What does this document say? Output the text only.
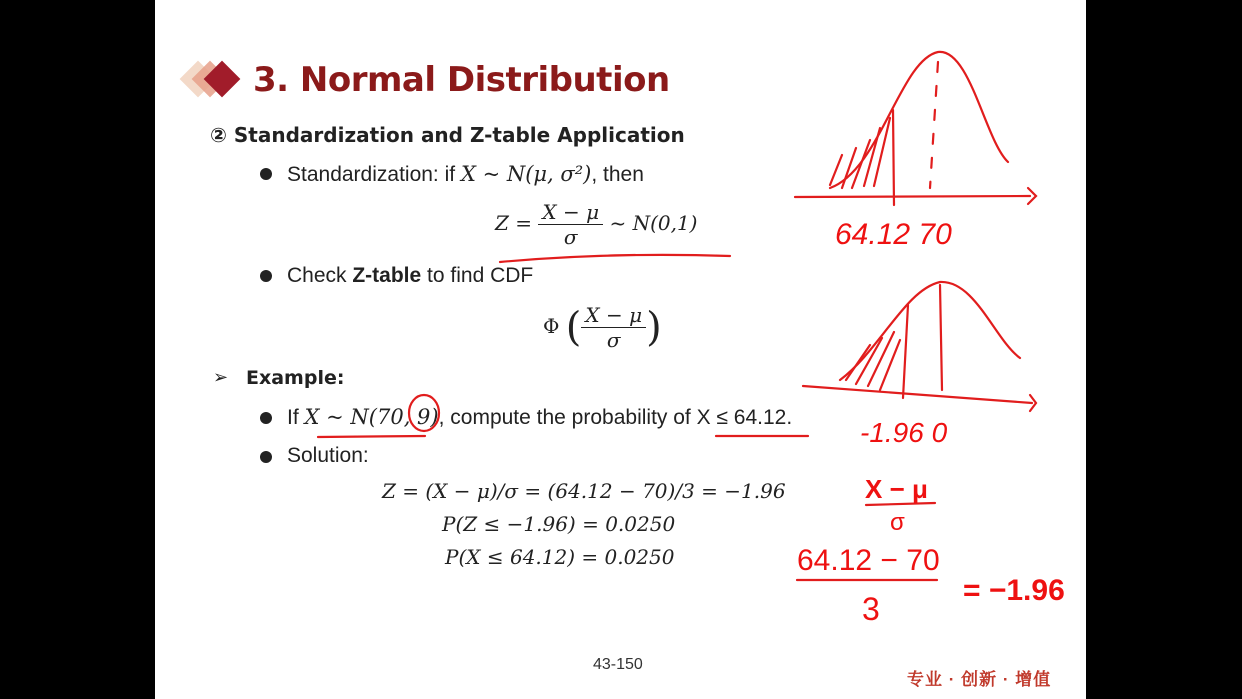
3. Normal Distribution
② Standardization and Z-table Application
Standardization: if X ~ N(μ, σ²), then
$Z = \frac{X - \mu}{\sigma}$ ~ N(0,1)
Check Z-table to find CDF
Φ ( $\frac{X - \mu}{\sigma}$ )
➢ Example:
If X ~ N(70, 9), compute the probability of X ≤ 64.12.
Solution:
Z = (X − μ)/σ = (64.12 − 70)/3 = −1.96
P(Z ≤ −1.96) = 0.0250
P(X ≤ 64.12) = 0.0250
43-150
专业 · 创新 · 增值
64.12 70
-1.96 0
X − μ
σ
64.12 − 70
3
= −1.96
